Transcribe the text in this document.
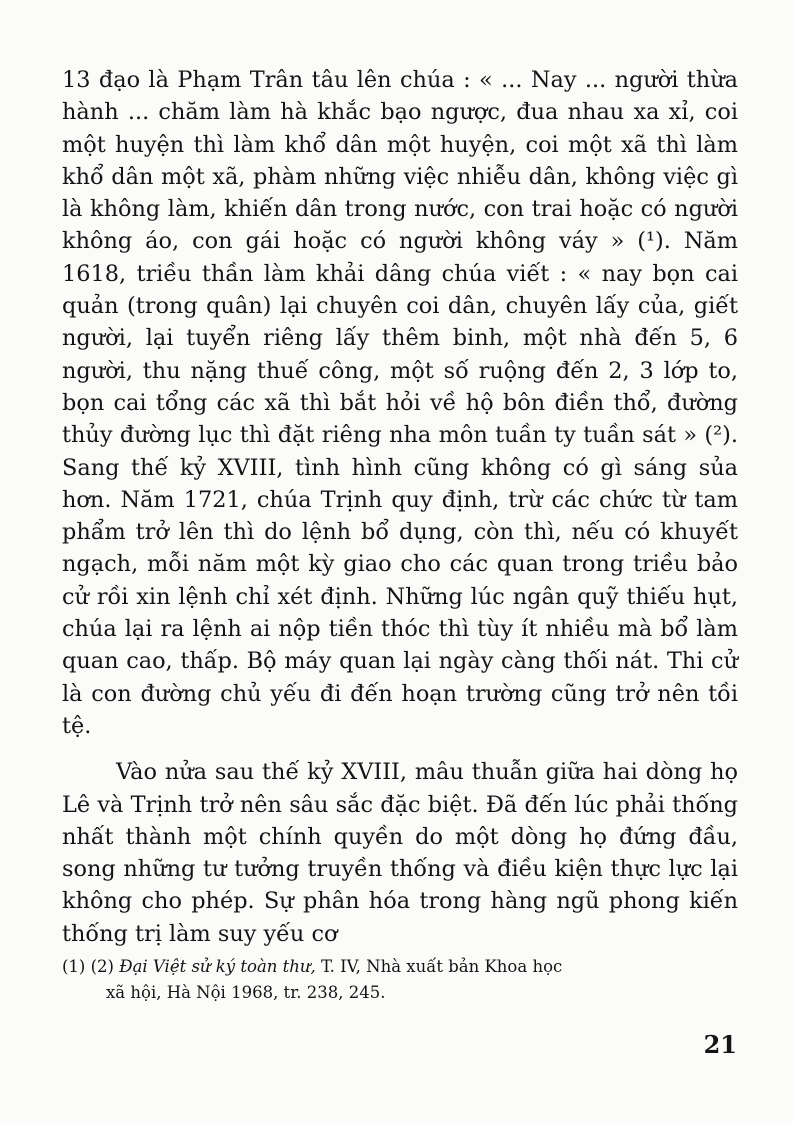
13 đạo là Phạm Trân tâu lên chúa : « ... Nay ... người thừa hành ... chăm làm hà khắc bạo ngược, đua nhau xa xỉ, coi một huyện thì làm khổ dân một huyện, coi một xã thì làm khổ dân một xã, phàm những việc nhiễu dân, không việc gì là không làm, khiến dân trong nước, con trai hoặc có người không áo, con gái hoặc có người không váy » (¹). Năm 1618, triều thần làm khải dâng chúa viết : « nay bọn cai quản (trong quân) lại chuyên coi dân, chuyên lấy của, giết người, lại tuyển riêng lấy thêm binh, một nhà đến 5, 6 người, thu nặng thuế công, một số ruộng đến 2, 3 lớp to, bọn cai tổng các xã thì bắt hỏi về hộ bôn điền thổ, đường thủy đường lục thì đặt riêng nha môn tuần ty tuần sát » (²). Sang thế kỷ XVIII, tình hình cũng không có gì sáng sủa hơn. Năm 1721, chúa Trịnh quy định, trừ các chức từ tam phẩm trở lên thì do lệnh bổ dụng, còn thì, nếu có khuyết ngạch, mỗi năm một kỳ giao cho các quan trong triều bảo cử rồi xin lệnh chỉ xét định. Những lúc ngân quỹ thiếu hụt, chúa lại ra lệnh ai nộp tiền thóc thì tùy ít nhiều mà bổ làm quan cao, thấp. Bộ máy quan lại ngày càng thối nát. Thi cử là con đường chủ yếu đi đến hoạn trường cũng trở nên tồi tệ.

Vào nửa sau thế kỷ XVIII, mâu thuẫn giữa hai dòng họ Lê và Trịnh trở nên sâu sắc đặc biệt. Đã đến lúc phải thống nhất thành một chính quyền do một dòng họ đứng đầu, song những tư tưởng truyền thống và điều kiện thực lực lại không cho phép. Sự phân hóa trong hàng ngũ phong kiến thống trị làm suy yếu cơ

(1) (2) Đại Việt sử ký toàn thư, T. IV, Nhà xuất bản Khoa học

xã hội, Hà Nội 1968, tr. 238, 245.

21
